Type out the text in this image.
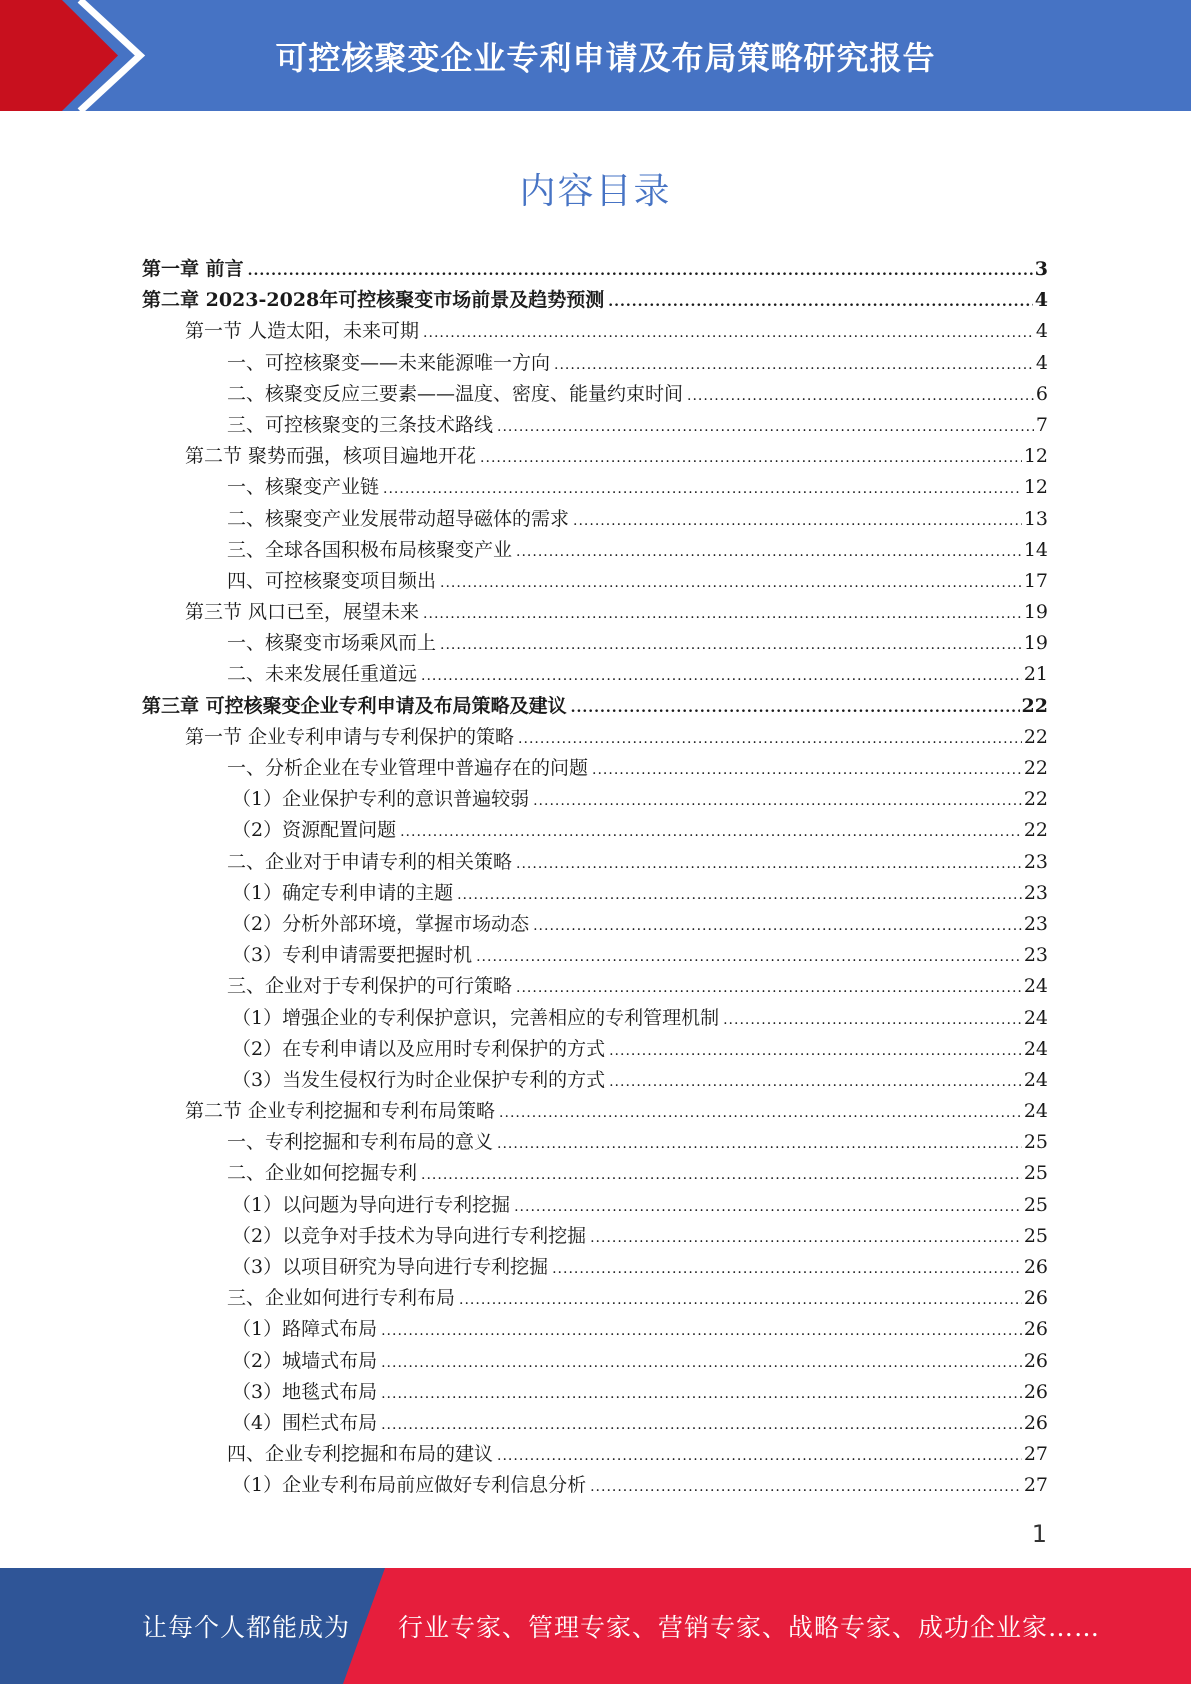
可控核聚变企业专利申请及布局策略研究报告
内容目录
第一章 前言 .....	3
第二章 2023-2028年可控核聚变市场前景及趋势预测 .....	4
第一节 人造太阳，未来可期 .....	4
一、可控核聚变——未来能源唯一方向 .....	4
二、核聚变反应三要素——温度、密度、能量约束时间 .....	6
三、可控核聚变的三条技术路线 .....	7
第二节 聚势而强，核项目遍地开花 .....	12
一、核聚变产业链 .....	12
二、核聚变产业发展带动超导磁体的需求 .....	13
三、全球各国积极布局核聚变产业 .....	14
四、可控核聚变项目频出 .....	17
第三节 风口已至，展望未来 .....	19
一、核聚变市场乘风而上 .....	19
二、未来发展任重道远 .....	21
第三章 可控核聚变企业专利申请及布局策略及建议 .....	22
第一节 企业专利申请与专利保护的策略 .....	22
一、分析企业在专业管理中普遍存在的问题 .....	22
（1）企业保护专利的意识普遍较弱 .....	22
（2）资源配置问题 .....	22
二、企业对于申请专利的相关策略 .....	23
（1）确定专利申请的主题 .....	23
（2）分析外部环境，掌握市场动态 .....	23
（3）专利申请需要把握时机 .....	23
三、企业对于专利保护的可行策略 .....	24
（1）增强企业的专利保护意识，完善相应的专利管理机制 .....	24
（2）在专利申请以及应用时专利保护的方式 .....	24
（3）当发生侵权行为时企业保护专利的方式 .....	24
第二节 企业专利挖掘和专利布局策略 .....	24
一、专利挖掘和专利布局的意义 .....	25
二、企业如何挖掘专利 .....	25
（1）以问题为导向进行专利挖掘 .....	25
（2）以竞争对手技术为导向进行专利挖掘 .....	25
（3）以项目研究为导向进行专利挖掘 .....	26
三、企业如何进行专利布局 .....	26
（1）路障式布局 .....	26
（2）城墙式布局 .....	26
（3）地毯式布局 .....	26
（4）围栏式布局 .....	26
四、企业专利挖掘和布局的建议 .....	27
（1）企业专利布局前应做好专利信息分析 .....	27
1
让每个人都能成为 行业专家、管理专家、营销专家、战略专家、成功企业家……
